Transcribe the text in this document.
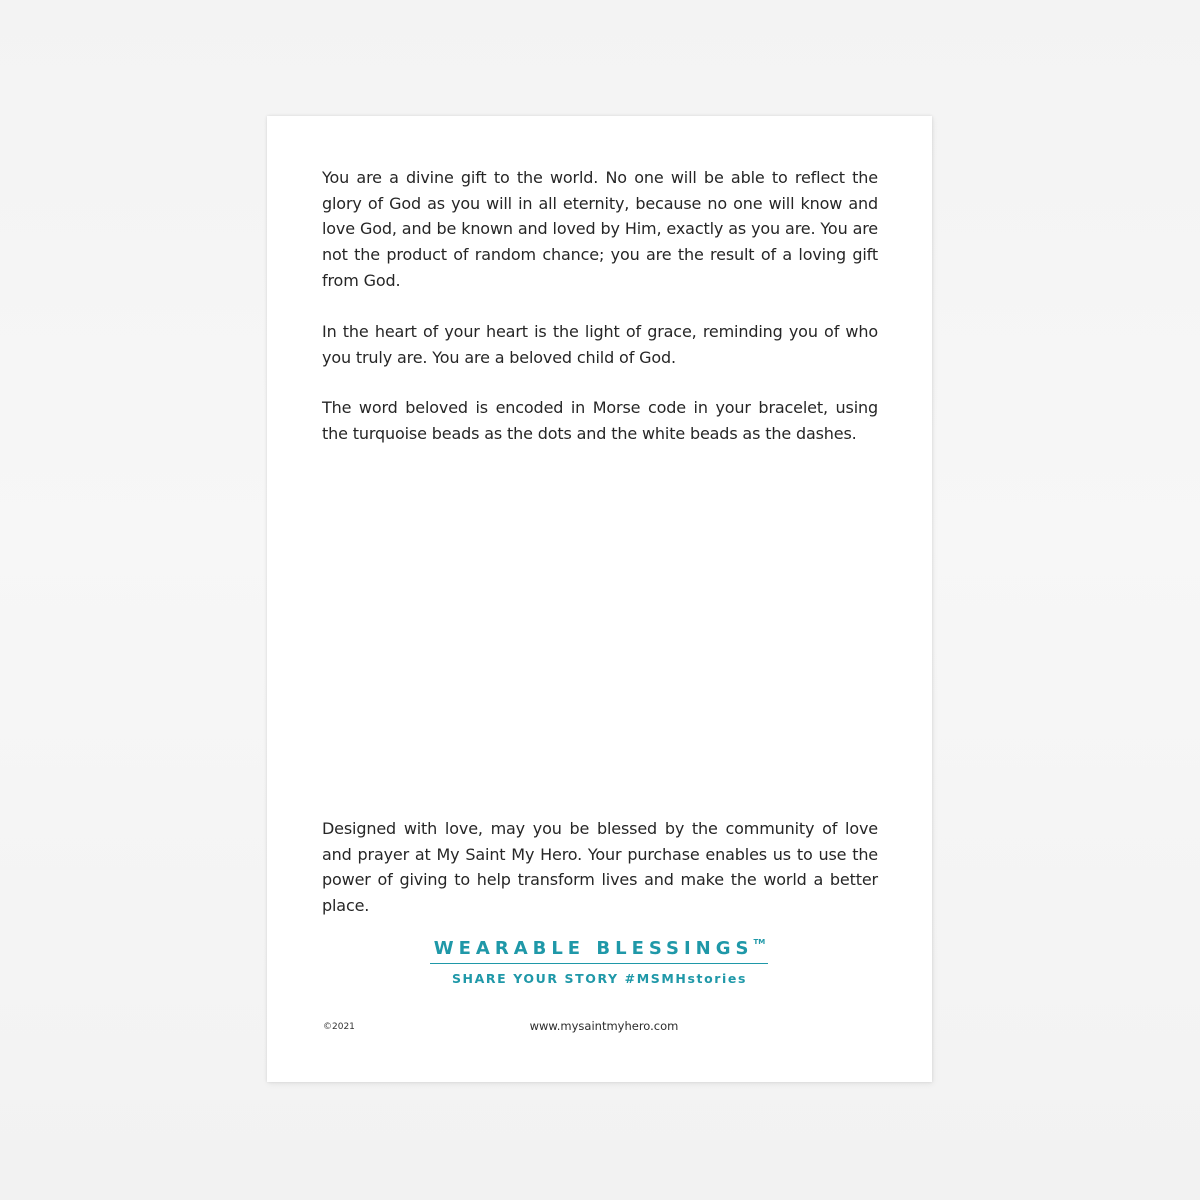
You are a divine gift to the world. No one will be able to reflect the glory of God as you will in all eternity, because no one will know and love God, and be known and loved by Him, exactly as you are. You are not the product of random chance; you are the result of a loving gift from God.

In the heart of your heart is the light of grace, reminding you of who you truly are. You are a beloved child of God.

The word beloved is encoded in Morse code in your bracelet, using the turquoise beads as the dots and the white beads as the dashes.

Designed with love, may you be blessed by the community of love and prayer at My Saint My Hero. Your purchase enables us to use the power of giving to help transform lives and make the world a better place.

WEARABLE BLESSINGS™
SHARE YOUR STORY #MSMHstories
©2021	www.mysaintmyhero.com
